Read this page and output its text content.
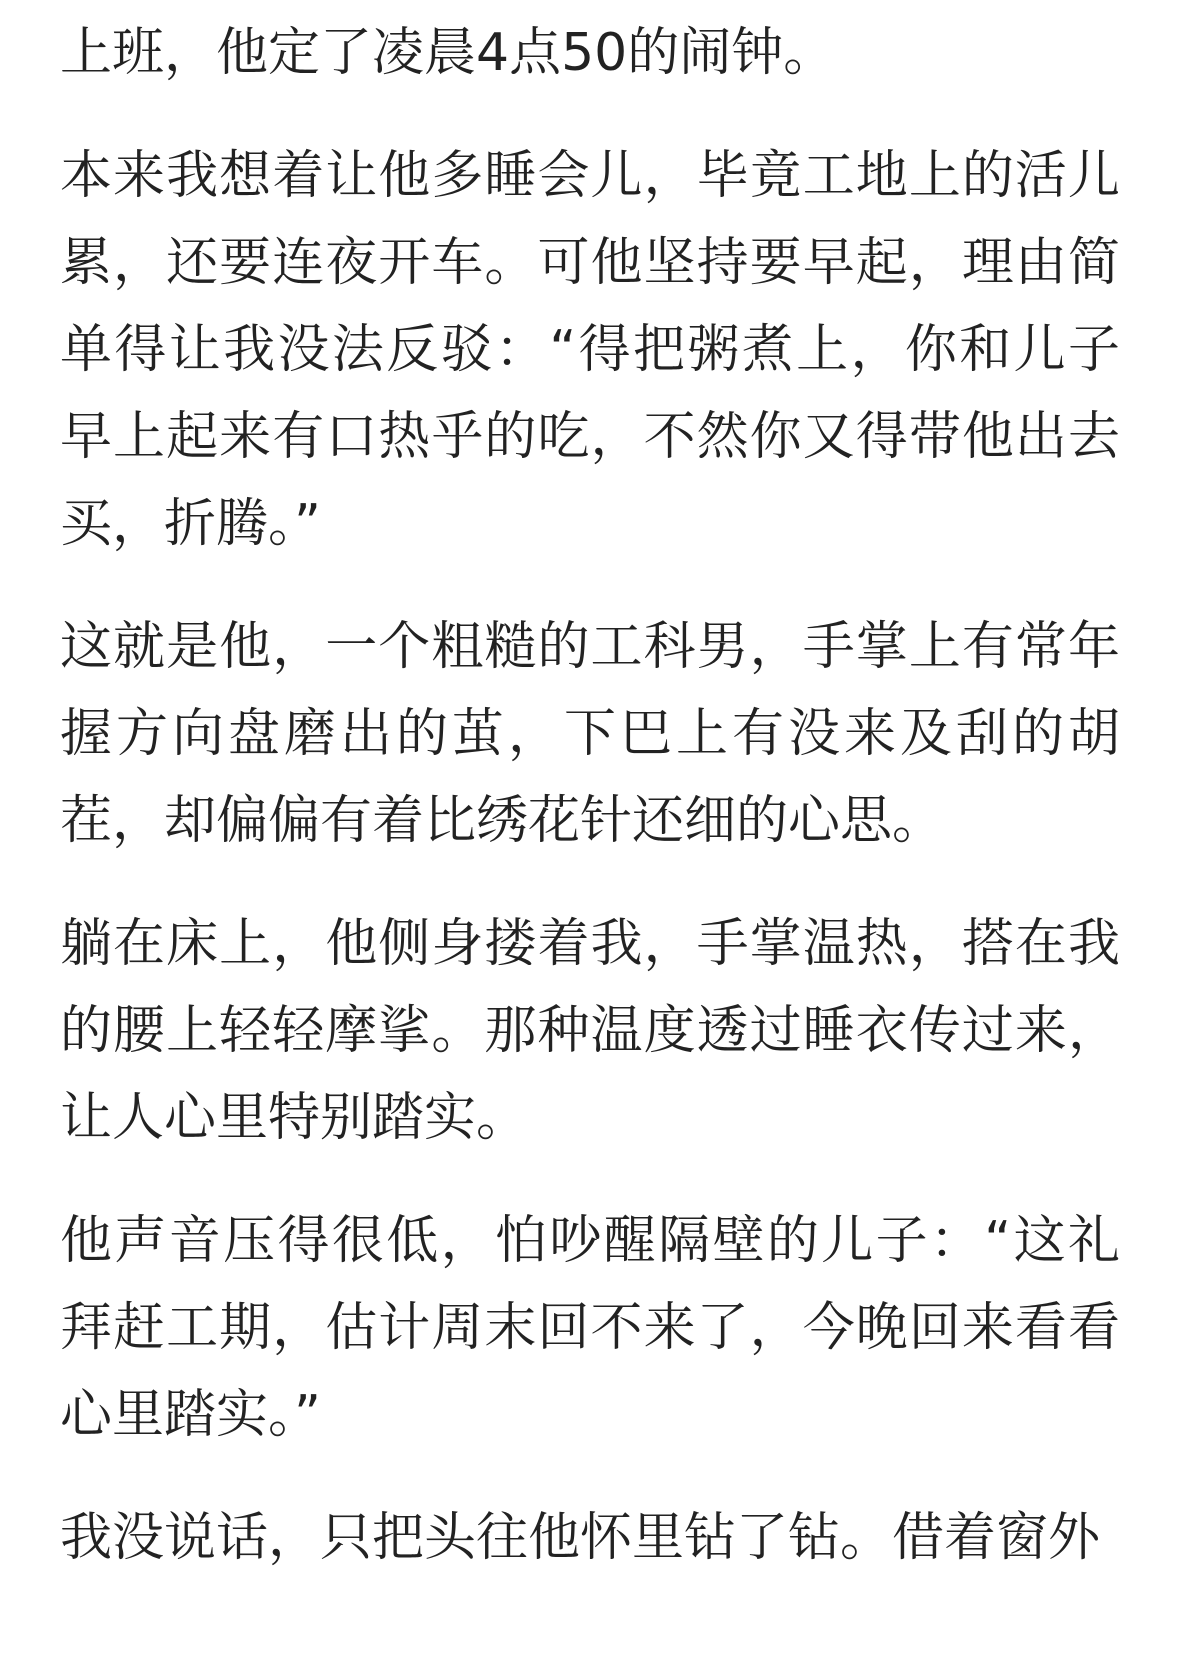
上班，他定了凌晨4点50的闹钟。

本来我想着让他多睡会儿，毕竟工地上的活儿累，还要连夜开车。可他坚持要早起，理由简单得让我没法反驳：“得把粥煮上，你和儿子早上起来有口热乎的吃，不然你又得带他出去买，折腾。”

这就是他，一个粗糙的工科男，手掌上有常年握方向盘磨出的茧，下巴上有没来及刮的胡茬，却偏偏有着比绣花针还细的心思。

躺在床上，他侧身搂着我，手掌温热，搭在我的腰上轻轻摩挲。那种温度透过睡衣传过来，让人心里特别踏实。

他声音压得很低，怕吵醒隔壁的儿子：“这礼拜赶工期，估计周末回不来了，今晚回来看看心里踏实。”

我没说话，只把头往他怀里钻了钻。借着窗外
